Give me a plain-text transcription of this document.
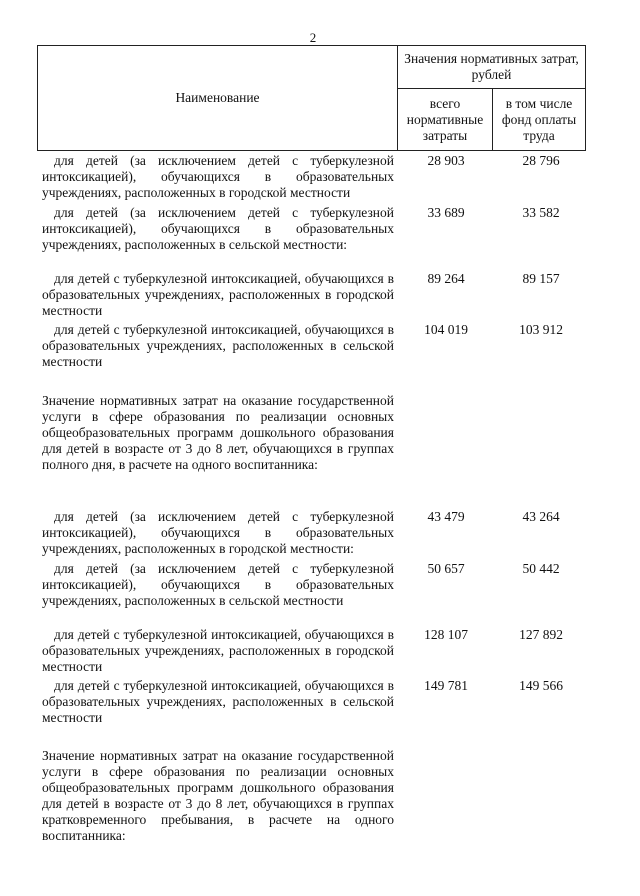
2
Наименование	Значения нормативных затрат, рублей	
	всего нормативные затраты	в том числе фонд оплаты труда
для детей (за исключением детей с туберкулезной интоксикацией), обучающихся в образовательных учреждениях, расположенных в городской местности
28 903	28 796
для детей (за исключением детей с туберкулезной интоксикацией), обучающихся в образовательных учреждениях, расположенных в сельской местности:
33 689	33 582
для детей с туберкулезной интоксикацией, обучающихся в образовательных учреждениях, расположенных в городской местности
89 264	89 157
для детей с туберкулезной интоксикацией, обучающихся в образовательных учреждениях, расположенных в сельской местности
104 019	103 912
Значение нормативных затрат на оказание государственной услуги в сфере образования по реализации основных общеобразовательных программ дошкольного образования для детей в возрасте от 3 до 8 лет, обучающихся в группах полного дня, в расчете на одного воспитанника:
для детей (за исключением детей с туберкулезной интоксикацией), обучающихся в образовательных учреждениях, расположенных в городской местности:
43 479	43 264
для детей (за исключением детей с туберкулезной интоксикацией), обучающихся в образовательных учреждениях, расположенных в сельской местности
50 657	50 442
для детей с туберкулезной интоксикацией, обучающихся в образовательных учреждениях, расположенных в городской местности
128 107	127 892
для детей с туберкулезной интоксикацией, обучающихся в образовательных учреждениях, расположенных в сельской местности
149 781	149 566
Значение нормативных затрат на оказание государственной услуги в сфере образования по реализации основных общеобразовательных программ дошкольного образования для детей в возрасте от 3 до 8 лет, обучающихся в группах кратковременного пребывания, в расчете на одного воспитанника:
